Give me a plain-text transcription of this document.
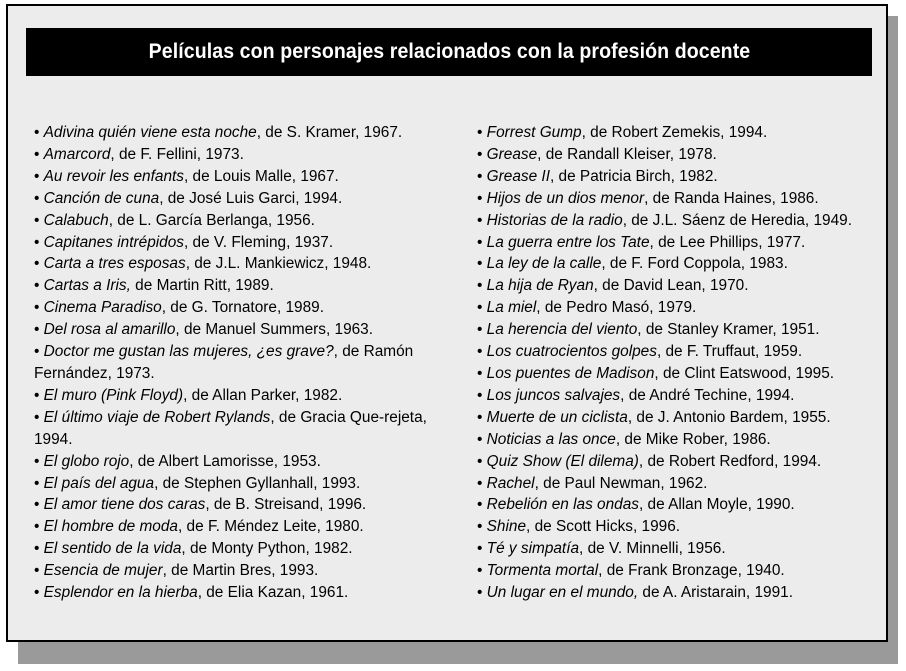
Películas con personajes relacionados con la profesión docente

• Adivina quién viene esta noche, de S. Kramer, 1967.

• Amarcord, de F. Fellini, 1973.

• Au revoir les enfants, de Louis Malle, 1967.

• Canción de cuna, de José Luis Garci, 1994.

• Calabuch, de L. García Berlanga, 1956.

• Capitanes intrépidos, de V. Fleming, 1937.

• Carta a tres esposas, de J.L. Mankiewicz, 1948.

• Cartas a Iris, de Martin Ritt, 1989.

• Cinema Paradiso, de G. Tornatore, 1989.

• Del rosa al amarillo, de Manuel Summers, 1963.

• Doctor me gustan las mujeres, ¿es grave?, de Ramón Fernández, 1973.

• El muro (Pink Floyd), de Allan Parker, 1982.

• El último viaje de Robert Rylands, de Gracia Que-rejeta, 1994.

• El globo rojo, de Albert Lamorisse, 1953.

• El país del agua, de Stephen Gyllanhall, 1993.

• El amor tiene dos caras, de B. Streisand, 1996.

• El hombre de moda, de F. Méndez Leite, 1980.

• El sentido de la vida, de Monty Python, 1982.

• Esencia de mujer, de Martin Bres, 1993.

• Esplendor en la hierba, de Elia Kazan, 1961.

• Forrest Gump, de Robert Zemekis, 1994.

• Grease, de Randall Kleiser, 1978.

• Grease II, de Patricia Birch, 1982.

• Hijos de un dios menor, de Randa Haines, 1986.

• Historias de la radio, de J.L. Sáenz de Heredia, 1949.

• La guerra entre los Tate, de Lee Phillips, 1977.

• La ley de la calle, de F. Ford Coppola, 1983.

• La hija de Ryan, de David Lean, 1970.

• La miel, de Pedro Masó, 1979.

• La herencia del viento, de Stanley Kramer, 1951.

• Los cuatrocientos golpes, de F. Truffaut, 1959.

• Los puentes de Madison, de Clint Eatswood, 1995.

• Los juncos salvajes, de André Techine, 1994.

• Muerte de un ciclista, de J. Antonio Bardem, 1955.

• Noticias a las once, de Mike Rober, 1986.

• Quiz Show (El dilema), de Robert Redford, 1994.

• Rachel, de Paul Newman, 1962.

• Rebelión en las ondas, de Allan Moyle, 1990.

• Shine, de Scott Hicks, 1996.

• Té y simpatía, de V. Minnelli, 1956.

• Tormenta mortal, de Frank Bronzage, 1940.

• Un lugar en el mundo, de A. Aristarain, 1991.
